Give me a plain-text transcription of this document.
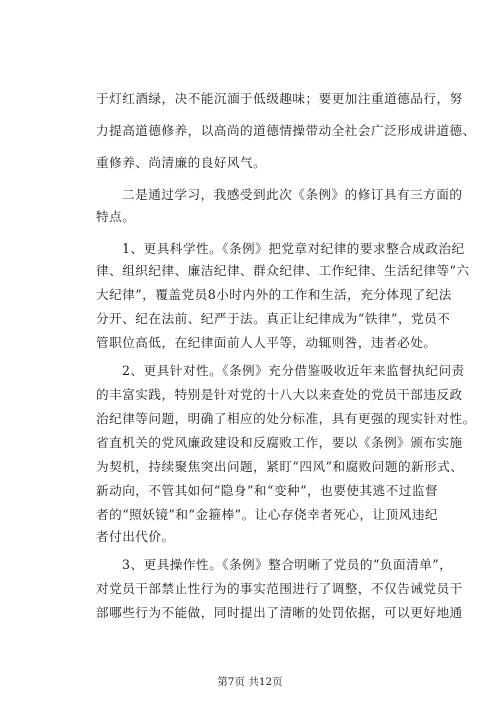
于灯红酒绿，决不能沉湎于低级趣味；要更加注重道德品行，努
力提高道德修养，以高尚的道德情操带动全社会广泛形成讲道德、
重修养、尚清廉的良好风气。
二是通过学习，我感受到此次《条例》的修订具有三方面的
特点。
1、更具科学性。《条例》把党章对纪律的要求整合成政治纪
律、组织纪律、廉洁纪律、群众纪律、工作纪律、生活纪律等“六
大纪律”，覆盖党员8小时内外的工作和生活，充分体现了纪法
分开、纪在法前、纪严于法。真正让纪律成为“铁律”，党员不
管职位高低，在纪律面前人人平等，动辄则咎，违者必处。
2、更具针对性。《条例》充分借鉴吸收近年来监督执纪问责
的丰富实践，特别是针对党的十八大以来查处的党员干部违反政
治纪律等问题，明确了相应的处分标准，具有更强的现实针对性。
省直机关的党风廉政建设和反腐败工作，要以《条例》颁布实施
为契机，持续聚焦突出问题，紧盯“四风”和腐败问题的新形式、
新动向，不管其如何“隐身”和“变种”，也要使其逃不过监督
者的“照妖镜”和“金箍棒”。让心存侥幸者死心，让顶风违纪
者付出代价。
3、更具操作性。《条例》整合明晰了党员的“负面清单”，
对党员干部禁止性行为的事实范围进行了调整，不仅告诫党员干
部哪些行为不能做，同时提出了清晰的处罚依据，可以更好地通
第7页 共12页
